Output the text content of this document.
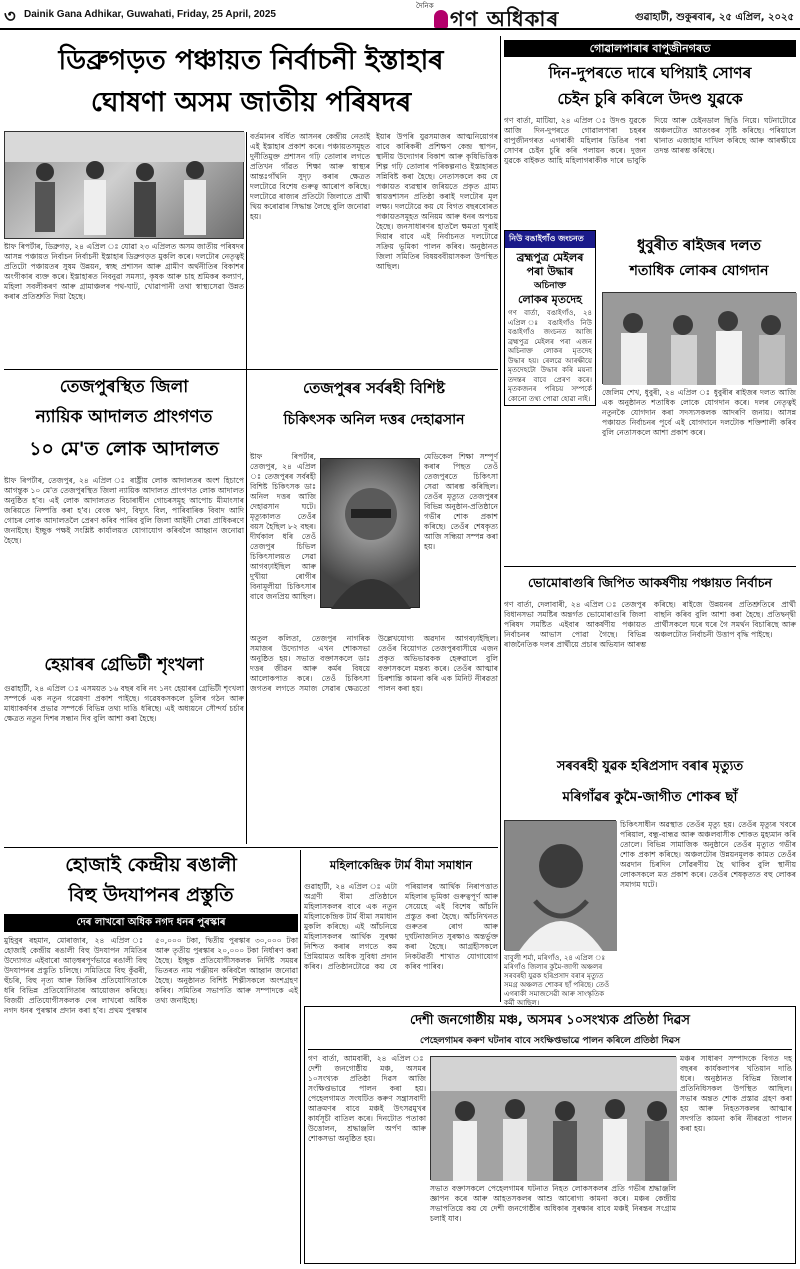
৩ Dainik Gana Adhikar, Guwahati, Friday, 25 April, 2025
দৈনিক
গণ অধিকাৰ	গুৱাহাটী, শুকুৰবাৰ, ২৫ এপ্ৰিল, ২০২৫
ডিব্ৰুগড়ত পঞ্চায়ত নিৰ্বাচনী ইস্তাহাৰ
ঘোষণা অসম জাতীয় পৰিষদৰ
ষ্টাফ ৰিপৰ্টাৰ, ডিব্ৰুগড়, ২৪ এপ্ৰিল ঃ যোৱা ২৩ এপ্ৰিলত অসম জাতীয় পৰিষদৰ আসন্ন পঞ্চায়ত নিৰ্বাচন নিৰ্বাচনী ইস্তাহাৰ ডিব্ৰুগড়ত মুকলি কৰে। দলটোৰ নেতৃত্বই প্ৰতিটো পঞ্চায়তৰ সুষম উন্নয়ন, স্বচ্ছ প্ৰশাসন আৰু গ্ৰামীণ অৰ্থনীতিৰ বিকাশৰ অংগীকাৰ ব্যক্ত কৰে। ইস্তাহাৰত নিবনুৱা সমস্যা, কৃষক আৰু চাহ শ্ৰমিকৰ কল্যাণ, মহিলা সবলীকৰণ আৰু গ্ৰামাঞ্চলৰ পথ-ঘাট, খোৱাপানী তথা স্বাস্থ্যসেৱা উন্নত কৰাৰ প্ৰতিশ্ৰুতি দিয়া হৈছে।
বৰ্তমানৰ বৰ্ধিত আসনৰ কেন্দ্ৰীয় নেতাই এই ইস্তাহাৰ প্ৰকাশ কৰে। পঞ্চায়তসমূহত দুৰ্নীতিমুক্ত প্ৰশাসন গঢ়ি তোলাৰ লগতে প্ৰতিখন গাঁৱত শিক্ষা আৰু স্বাস্থ্যৰ আন্তঃগাঁথনি সুদৃঢ় কৰাৰ ক্ষেত্ৰত দলটোৱে বিশেষ গুৰুত্ব আৰোপ কৰিছে। দলটোৱে ৰাজ্যৰ প্ৰতিটো জিলাতে প্ৰাৰ্থী থিয় কৰোৱাৰ সিদ্ধান্ত লৈছে বুলি জনোৱা হয়।
ইয়াৰ উপৰি যুৱসমাজৰ আত্মনিয়োগৰ বাবে কাৰিকৰী প্ৰশিক্ষণ কেন্দ্ৰ স্থাপন, স্থানীয় উদ্যোগৰ বিকাশ আৰু কৃষিভিত্তিক শিল্প গঢ়ি তোলাৰ পৰিকল্পনাও ইস্তাহাৰত সন্নিবিষ্ট কৰা হৈছে। নেতাসকলে কয় যে পঞ্চায়ত ব্যৱস্থাৰ জৰিয়তে প্ৰকৃত গ্ৰাম্য স্বায়ত্তশাসন প্ৰতিষ্ঠা কৰাই দলটোৰ মূল লক্ষ্য। দলটোৱে কয় যে বিগত বছৰবোৰত পঞ্চায়তসমূহত অনিয়ম আৰু ধনৰ অপচয় হৈছে। জনসাধাৰণৰ হাতলৈ ক্ষমতা ঘূৰাই দিয়াৰ বাবে এই নিৰ্বাচনত দলটোৱে সক্ৰিয় ভূমিকা পালন কৰিব। অনুষ্ঠানত জিলা সমিতিৰ বিষয়ববীয়াসকল উপস্থিত আছিল।
গোৱালপাৰাৰ বাপুজীনগৰত
দিন-দুপৰতে দাৰে ঘপিয়াই সোণৰ
চেইন চুৰি কৰিলে উদণ্ড যুৱকে
গণ বাৰ্তা, মাটিয়া, ২৪ এপ্ৰিল ঃ উদণ্ড যুৱকে আজি দিন-দুপৰতে গোৱালপাৰা চহৰৰ বাপুজীনগৰত এগৰাকী মহিলাৰ ডিঙিৰ পৰা সোণৰ চেইন চুৰি কৰি পলায়ন কৰে। দুজন যুৱকে বাইকত আহি মহিলাগৰাকীক দাৰে ভাবুকি দিয়ে আৰু চেইনডাল ছিঙি নিয়ে। ঘটনাটোৱে অঞ্চলটোত আতংকৰ সৃষ্টি কৰিছে। পৰিয়ালে থানাত এজাহাৰ দাখিল কৰিছে আৰু আৰক্ষীয়ে তদন্ত আৰম্ভ কৰিছে।
নিউ বঙাইগাঁও জংচনত
ব্ৰহ্মপুত্ৰ মেইলৰ
পৰা উদ্ধাৰ
অচিনাক্ত
লোকৰ মৃতদেহ
গণ বাৰ্তা, বঙাইগাঁও, ২৪ এপ্ৰিল ঃ বঙাইগাঁও নিউ বঙাইগাঁও জংচনত আজি ব্ৰহ্মপুত্ৰ মেইলৰ পৰা এজন অচিনাক্ত লোকৰ মৃতদেহ উদ্ধাৰ হয়। ৰেলৱে আৰক্ষীয়ে মৃতদেহটো উদ্ধাৰ কৰি ময়না তদন্তৰ বাবে প্ৰেৰণ কৰে। মৃতকজনৰ পৰিচয় সম্পৰ্কে কোনো তথ্য পোৱা হোৱা নাই।
ধুবুৰীত ৰাইজৰ দলত
শতাধিক লোকৰ যোগদান
জেলিম শেখ, ধুবুৰী, ২৪ এপ্ৰিল ঃ ধুবুৰীৰ ৰাইজৰ দলত আজি এক অনুষ্ঠানত শতাধিক লোকে যোগদান কৰে। দলৰ নেতৃত্বই নতুনকৈ যোগদান কৰা সদস্যসকলক আদৰণি জনায়। আসন্ন পঞ্চায়ত নিৰ্বাচনৰ পূৰ্বে এই যোগদানে দলটোক শক্তিশালী কৰিব বুলি নেতাসকলে আশা প্ৰকাশ কৰে।
তেজপুৰস্থিত জিলা
ন্যায়িক আদালত প্ৰাংগণত
১০ মে'ত লোক আদালত
ষ্টাফ ৰিপৰ্টাৰ, তেজপুৰ, ২৪ এপ্ৰিল ঃ ৰাষ্ট্ৰীয় লোক আদালতৰ অংশ হিচাপে আগন্তুক ১০ মে'ত তেজপুৰস্থিত জিলা ন্যায়িক আদালত প্ৰাংগণত লোক আদালত অনুষ্ঠিত হ'ব। এই লোক আদালতত বিচাৰাধীন গোচৰসমূহ আপোচ মীমাংসাৰ জৰিয়তে নিষ্পত্তি কৰা হ'ব। বেংক ঋণ, বিদ্যুৎ বিল, পাৰিবাৰিক বিবাদ আদি গোচৰ লোক আদালতলৈ প্ৰেৰণ কৰিব পাৰিব বুলি জিলা আইনী সেৱা প্ৰাধিকৰণে জনাইছে। ইচ্ছুক পক্ষই সংশ্লিষ্ট কাৰ্যালয়ত যোগাযোগ কৰিবলৈ আহ্বান জনোৱা হৈছে।
তেজপুৰৰ সৰ্বৰহী বিশিষ্ট
চিকিৎসক অনিল দত্তৰ দেহাৱসান
ষ্টাফ ৰিপৰ্টাৰ, তেজপুৰ, ২৪ এপ্ৰিল ঃ তেজপুৰৰ সৰ্বৰহী বিশিষ্ট চিকিৎসক ডাঃ অনিল দত্তৰ আজি দেহাৱসান ঘটে। মৃত্যুকালত তেওঁৰ বয়স হৈছিল ৮২ বছৰ। দীৰ্ঘকাল ধৰি তেওঁ তেজপুৰ চিভিল চিকিৎসালয়ত সেৱা আগবঢ়াইছিল আৰু দুখীয়া ৰোগীৰ বিনামূলীয়া চিকিৎসাৰ বাবে জনপ্ৰিয় আছিল।
মেডিকেল শিক্ষা সম্পূৰ্ণ কৰাৰ পিছত তেওঁ তেজপুৰতে চিকিৎসা সেৱা আৰম্ভ কৰিছিল। তেওঁৰ মৃত্যুত তেজপুৰৰ বিভিন্ন অনুষ্ঠান-প্ৰতিষ্ঠানে গভীৰ শোক প্ৰকাশ কৰিছে। তেওঁৰ শেষকৃত্য আজি সন্ধিয়া সম্পন্ন কৰা হয়।
অতুল কলিতা, তেজপুৰ নাগৰিক সমাজৰ উদ্যোগত এখন শোকসভা অনুষ্ঠিত হয়। সভাত বক্তাসকলে ডাঃ দত্তৰ জীৱন আৰু কৰ্মৰ বিষয়ে আলোকপাত কৰে। তেওঁ চিকিৎসা জগতৰ লগতে সমাজ সেৱাৰ ক্ষেত্ৰতো উল্লেখযোগ্য অৱদান আগবঢ়াইছিল। তেওঁৰ বিয়োগত তেজপুৰবাসীয়ে এজন প্ৰকৃত অভিভাৱকক হেৰুৱালে বুলি বক্তাসকলে মন্তব্য কৰে। তেওঁৰ আত্মাৰ চিৰশান্তি কামনা কৰি এক মিনিট নীৰৱতা পালন কৰা হয়।
ভোমোৰাগুৰি জিপিত আকৰ্ষণীয় পঞ্চায়ত নিৰ্বাচন
গণ বাৰ্তা, দেলাবাৰী, ২৪ এপ্ৰিল ঃ তেজপুৰ বিধানসভা সমষ্টিৰ অন্তৰ্গত ভোমোৰাগুৰি জিলা পৰিষদ সমষ্টিত এইবাৰ আকৰ্ষণীয় পঞ্চায়ত নিৰ্বাচনৰ আভাস পোৱা গৈছে। বিভিন্ন ৰাজনৈতিক দলৰ প্ৰাৰ্থীয়ে প্ৰচাৰ অভিযান আৰম্ভ কৰিছে। ৰাইজে উন্নয়নৰ প্ৰতিশ্ৰুতিৰে প্ৰাৰ্থী বাছনি কৰিব বুলি আশা কৰা হৈছে। প্ৰতিদ্বন্দ্বী প্ৰাৰ্থীসকলে ঘৰে ঘৰে গৈ সমৰ্থন বিচাৰিছে আৰু অঞ্চলটোত নিৰ্বাচনী উত্তাপ বৃদ্ধি পাইছে।
হেয়াৰৰ গ্ৰেভিটী শৃংখলা
গুৱাহাটী, ২৪ এপ্ৰিল ঃ এসময়ত ১৬ বছৰ বৰি নং ১নং হেয়াৰৰ গ্ৰেভিটী শৃংখলা সম্পৰ্কে এক নতুন গৱেষণা প্ৰকাশ পাইছে। গৱেষকসকলে চুলিৰ গঠন আৰু মাধ্যাকৰ্ষণৰ প্ৰভাৱ সম্পৰ্কে বিভিন্ন তথ্য দাঙি ধৰিছে। এই অধ্যয়নে সৌন্দৰ্য চৰ্চাৰ ক্ষেত্ৰত নতুন দিশৰ সন্ধান দিব বুলি আশা কৰা হৈছে।
সৰবৰহী যুৱক হৰিপ্ৰসাদ বৰাৰ মৃত্যুত
মৰিগাঁৱৰ কুমৈ-জাগীত শোকৰ ছাঁ
বাবুলী শৰ্মা, মৰিগাঁও, ২৪ এপ্ৰিল ঃ মৰিগাঁও জিলাৰ কুমৈ-জাগী অঞ্চলৰ সৰবৰহী যুৱক হৰিপ্ৰসাদ বৰাৰ মৃত্যুত সমগ্ৰ অঞ্চলত শোকৰ ছাঁ পৰিছে। তেওঁ এগৰাকী সমাজসেৱী আৰু সাংস্কৃতিক কৰ্মী আছিল।
চিকিৎসাধীন অৱস্থাত তেওঁৰ মৃত্যু হয়। তেওঁৰ মৃত্যুৰ খবৰে পৰিয়াল, বন্ধু-বান্ধৱ আৰু অঞ্চলবাসীক শোকত মুহ্যমান কৰি তোলে। বিভিন্ন সামাজিক অনুষ্ঠানে তেওঁৰ মৃত্যুত গভীৰ শোক প্ৰকাশ কৰিছে। অঞ্চলটোৰ উন্নয়নমূলক কামত তেওঁৰ অৱদান চিৰদিন সোঁৱৰণীয় হৈ থাকিব বুলি স্থানীয় লোকসকলে মত প্ৰকাশ কৰে। তেওঁৰ শেষকৃত্যত বহু লোকৰ সমাগম ঘটে।
হোজাই কেন্দ্ৰীয় ৰঙালী
বিহু উদযাপনৰ প্ৰস্তুতি
দেৰ লাখৰো অধিক নগদ ধনৰ পুৰস্কাৰ
মুহিবুৰ ৰহমান, মোৰাজাৰ, ২৪ এপ্ৰিল ঃ হোজাই কেন্দ্ৰীয় ৰঙালী বিহু উদযাপন সমিতিৰ উদ্যোগত এইবাৰো আড়ম্বৰপূৰ্ণভাৱে ৰঙালী বিহু উদযাপনৰ প্ৰস্তুতি চলিছে। সমিতিয়ে বিহু কুঁৱৰী, হুঁচৰি, বিহু নৃত্য আৰু জিকিৰ প্ৰতিযোগিতাকে ধৰি বিভিন্ন প্ৰতিযোগিতাৰ আয়োজন কৰিছে। বিজয়ী প্ৰতিযোগীসকলক দেৰ লাখৰো অধিক নগদ ধনৰ পুৰস্কাৰ প্ৰদান কৰা হ'ব। প্ৰথম পুৰস্কাৰ ৫০,০০০ টকা, দ্বিতীয় পুৰস্কাৰ ৩০,০০০ টকা আৰু তৃতীয় পুৰস্কাৰ ২০,০০০ টকা নিৰ্ধাৰণ কৰা হৈছে। ইচ্ছুক প্ৰতিযোগীসকলক নিৰ্দিষ্ট সময়ৰ ভিতৰত নাম পঞ্জীয়ন কৰিবলৈ আহ্বান জনোৱা হৈছে। অনুষ্ঠানত বিশিষ্ট শিল্পীসকলে অংশগ্ৰহণ কৰিব। সমিতিৰ সভাপতি আৰু সম্পাদকে এই তথ্য জনাইছে।
মহিলাকেন্দ্ৰিক টাৰ্ম বীমা সমাধান
গুৱাহাটী, ২৪ এপ্ৰিল ঃ এটা অগ্ৰণী বীমা প্ৰতিষ্ঠানে মহিলাসকলৰ বাবে এক নতুন মহিলাকেন্দ্ৰিক টাৰ্ম বীমা সমাধান মুকলি কৰিছে। এই আঁচনিয়ে মহিলাসকলৰ আৰ্থিক সুৰক্ষা নিশ্চিত কৰাৰ লগতে কম প্ৰিমিয়ামত অধিক সুবিধা প্ৰদান কৰিব। প্ৰতিষ্ঠানটোৱে কয় যে পৰিয়ালৰ আৰ্থিক নিৰাপত্তাত মহিলাৰ ভূমিকা গুৰুত্বপূৰ্ণ আৰু সেয়েহে এই বিশেষ আঁচনি প্ৰস্তুত কৰা হৈছে। আঁচনিখনত গুৰুতৰ ৰোগ আৰু দুৰ্ঘটনাজনিত সুৰক্ষাও অন্তৰ্ভুক্ত কৰা হৈছে। আগ্ৰহীসকলে নিকটৱৰ্তী শাখাত যোগাযোগ কৰিব পাৰিব।
দেশী জনগোষ্ঠীয় মঞ্চ, অসমৰ ১০সংখ্যক প্ৰতিষ্ঠা দিৱস
পেহেলগামৰ কৰুণ ঘটনাৰ বাবে সংক্ষিপ্তভাৱে পালন কৰিলে প্ৰতিষ্ঠা দিৱস
গণ বাৰ্তা, আমবাৰী, ২৪ এপ্ৰিল ঃ দেশী জনগোষ্ঠীয় মঞ্চ, অসমৰ ১০সংখ্যক প্ৰতিষ্ঠা দিৱস আজি সংক্ষিপ্তভাৱে পালন কৰা হয়। পেহেলগামত সংঘটিত কৰুণ সন্ত্ৰাসবাদী আক্ৰমণৰ বাবে মঞ্চই উৎসৱমুখৰ কাৰ্যসূচী বাতিল কৰে। দিনটোত পতাকা উত্তোলন, শ্ৰদ্ধাঞ্জলি অৰ্পণ আৰু শোকসভা অনুষ্ঠিত হয়।
সভাত বক্তাসকলে পেহেলগামৰ ঘটনাত নিহত লোকসকলৰ প্ৰতি গভীৰ শ্ৰদ্ধাঞ্জলি জ্ঞাপন কৰে আৰু আহতসকলৰ আশু আৰোগ্য কামনা কৰে। মঞ্চৰ কেন্দ্ৰীয় সভাপতিয়ে কয় যে দেশী জনগোষ্ঠীৰ অধিকাৰ সুৰক্ষাৰ বাবে মঞ্চই নিৰন্তৰ সংগ্ৰাম চলাই যাব।
মঞ্চৰ সাধাৰণ সম্পাদকে বিগত দহ বছৰৰ কাৰ্যকলাপৰ খতিয়ান দাঙি ধৰে। অনুষ্ঠানত বিভিন্ন জিলাৰ প্ৰতিনিধিসকল উপস্থিত আছিল। সভাৰ অন্তত শোক প্ৰস্তাৱ গ্ৰহণ কৰা হয় আৰু নিহতসকলৰ আত্মাৰ সদগতি কামনা কৰি নীৰৱতা পালন কৰা হয়।
